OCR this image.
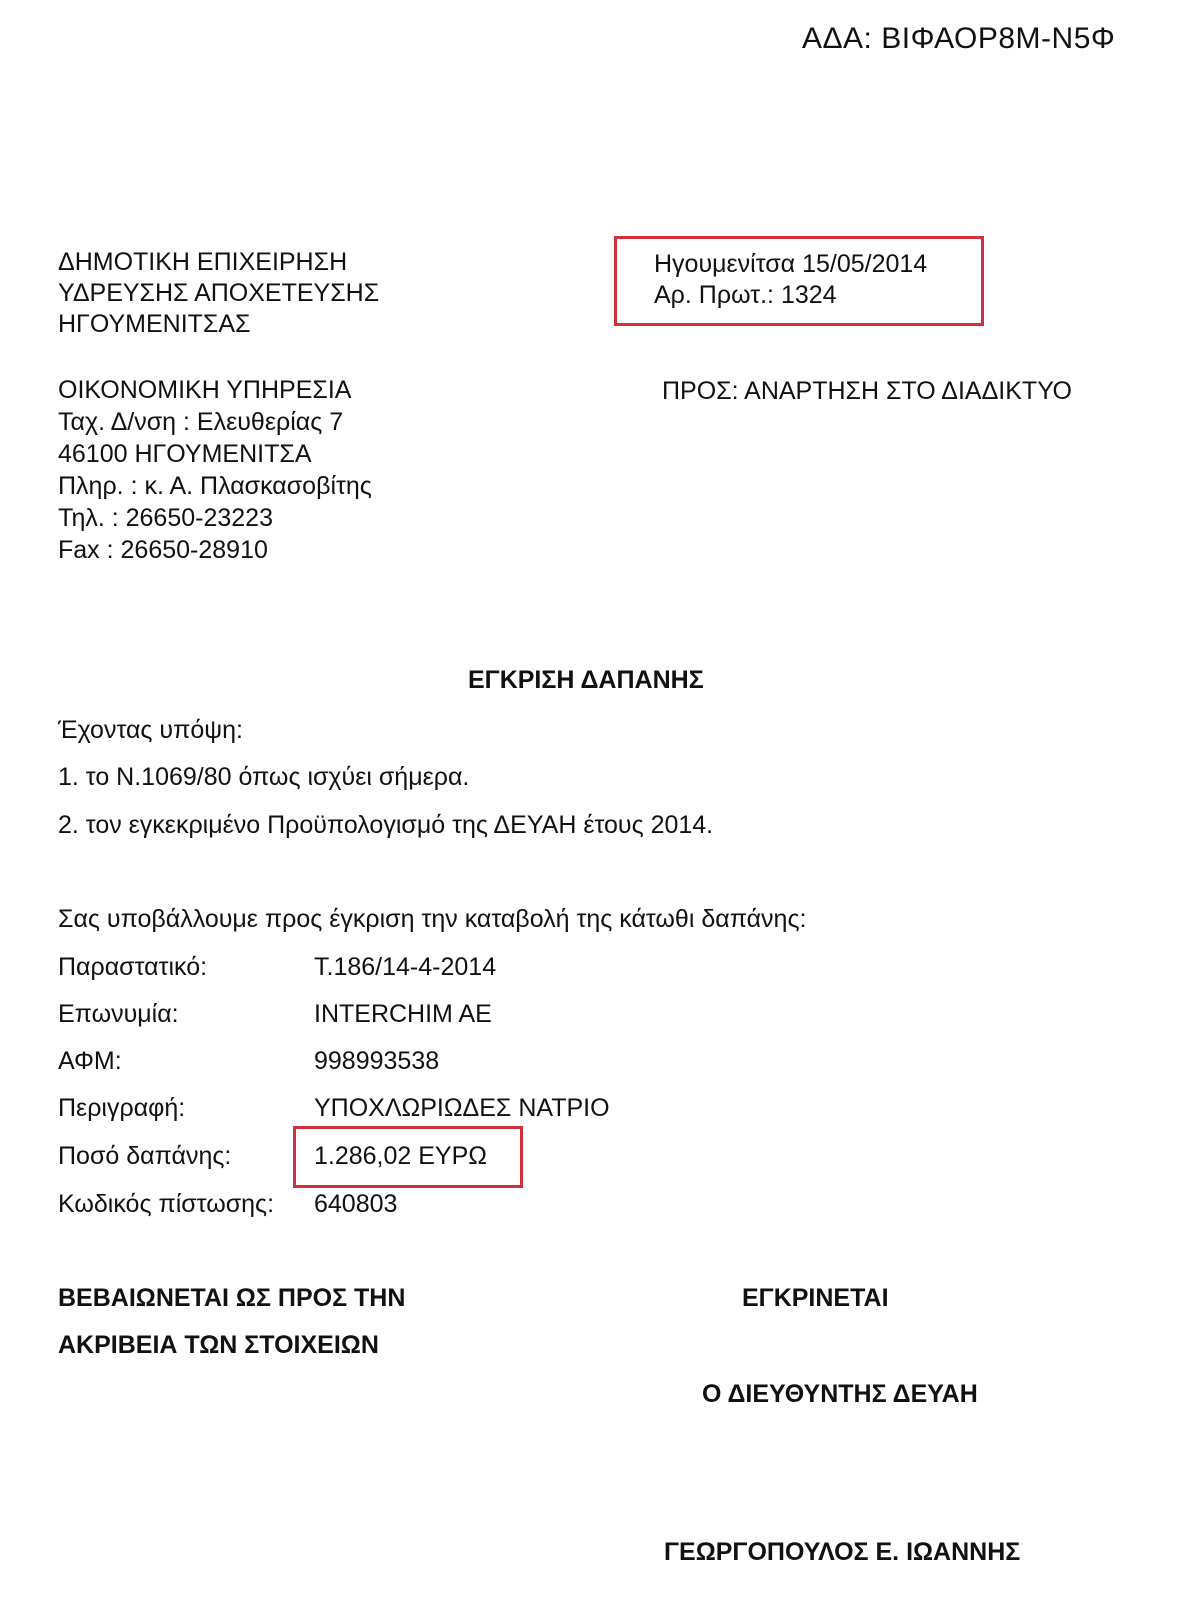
ΑΔΑ: ΒΙΦΑΟΡ8Μ-Ν5Φ
ΔΗΜΟΤΙΚΗ ΕΠΙΧΕΙΡΗΣΗ
ΥΔΡΕΥΣΗΣ ΑΠΟΧΕΤΕΥΣΗΣ
ΗΓΟΥΜΕΝΙΤΣΑΣ
Ηγουμενίτσα 15/05/2014
Αρ. Πρωτ.: 1324
ΟΙΚΟΝΟΜΙΚΗ ΥΠΗΡΕΣΙΑ
Ταχ. Δ/νση : Ελευθερίας 7
46100 ΗΓΟΥΜΕΝΙΤΣΑ
Πληρ. : κ. Α. Πλασκασοβίτης
Τηλ. : 26650-23223
Fax : 26650-28910
ΠΡΟΣ: ΑΝΑΡΤΗΣΗ ΣΤΟ ΔΙΑΔΙΚΤΥΟ
ΕΓΚΡΙΣΗ ΔΑΠΑΝΗΣ
Έχοντας υπόψη:
1. το Ν.1069/80 όπως ισχύει σήμερα.
2. τον εγκεκριμένο Προϋπολογισμό της ΔΕΥΑΗ έτους 2014.
Σας υποβάλλουμε προς έγκριση την καταβολή της κάτωθι δαπάνης:
Παραστατικό:	Τ.186/14-4-2014
Επωνυμία:	INTERCHIM AE
ΑΦΜ:	998993538
Περιγραφή:	ΥΠΟΧΛΩΡΙΩΔΕΣ ΝΑΤΡΙΟ
Ποσό δαπάνης:	1.286,02 ΕΥΡΩ
Κωδικός πίστωσης: 640803
ΒΕΒΑΙΩΝΕΤΑΙ ΩΣ ΠΡΟΣ ΤΗΝ
ΑΚΡΙΒΕΙΑ ΤΩΝ ΣΤΟΙΧΕΙΩΝ
ΕΓΚΡΙΝΕΤΑΙ
Ο ΔΙΕΥΘΥΝΤΗΣ ΔΕΥΑΗ
ΓΕΩΡΓΟΠΟΥΛΟΣ Ε. ΙΩΑΝΝΗΣ
